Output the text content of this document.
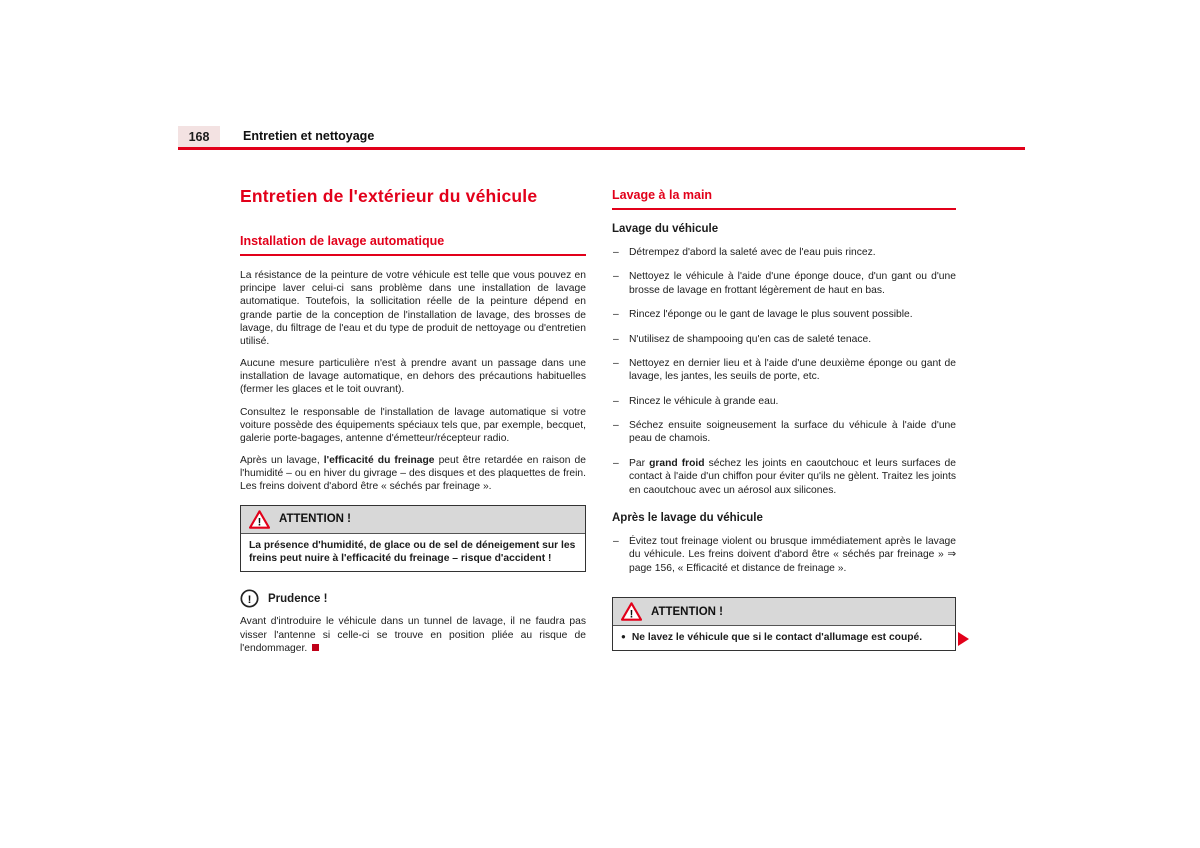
168	Entretien et nettoyage
Entretien de l'extérieur du véhicule
Installation de lavage automatique

La résistance de la peinture de votre véhicule est telle que vous pouvez en principe laver celui-ci sans problème dans une installation de lavage automatique. Toutefois, la sollicitation réelle de la peinture dépend en grande partie de la conception de l'installation de lavage, des brosses de lavage, du filtrage de l'eau et du type de produit de nettoyage ou d'entretien utilisé.

Aucune mesure particulière n'est à prendre avant un passage dans une installation de lavage automatique, en dehors des précautions habituelles (fermer les glaces et le toit ouvrant).

Consultez le responsable de l'installation de lavage automatique si votre voiture possède des équipements spéciaux tels que, par exemple, becquet, galerie porte-bagages, antenne d'émetteur/récepteur radio.

Après un lavage, l'efficacité du freinage peut être retardée en raison de l'humidité – ou en hiver du givrage – des disques et des plaquettes de frein. Les freins doivent d'abord être « séchés par freinage ».

! ATTENTION !
La présence d'humidité, de glace ou de sel de déneigement sur les freins peut nuire à l'efficacité du freinage – risque d'accident !
! Prudence !

Avant d'introduire le véhicule dans un tunnel de lavage, il ne faudra pas visser l'antenne si celle-ci se trouve en position pliée au risque de l'endommager.

Lavage à la main
Lavage du véhicule
– Détrempez d'abord la saleté avec de l'eau puis rincez.
– Nettoyez le véhicule à l'aide d'une éponge douce, d'un gant ou d'une brosse de lavage en frottant légèrement de haut en bas.
– Rincez l'éponge ou le gant de lavage le plus souvent possible.
– N'utilisez de shampooing qu'en cas de saleté tenace.
– Nettoyez en dernier lieu et à l'aide d'une deuxième éponge ou gant de lavage, les jantes, les seuils de porte, etc.
– Rincez le véhicule à grande eau.
– Séchez ensuite soigneusement la surface du véhicule à l'aide d'une peau de chamois.
– Par grand froid séchez les joints en caoutchouc et leurs surfaces de contact à l'aide d'un chiffon pour éviter qu'ils ne gèlent. Traitez les joints en caoutchouc avec un aérosol aux silicones.
Après le lavage du véhicule
– Évitez tout freinage violent ou brusque immédiatement après le lavage du véhicule. Les freins doivent d'abord être « séchés par freinage » ⇒ page 156, « Efficacité et distance de freinage ».
! ATTENTION !
● Ne lavez le véhicule que si le contact d'allumage est coupé.
